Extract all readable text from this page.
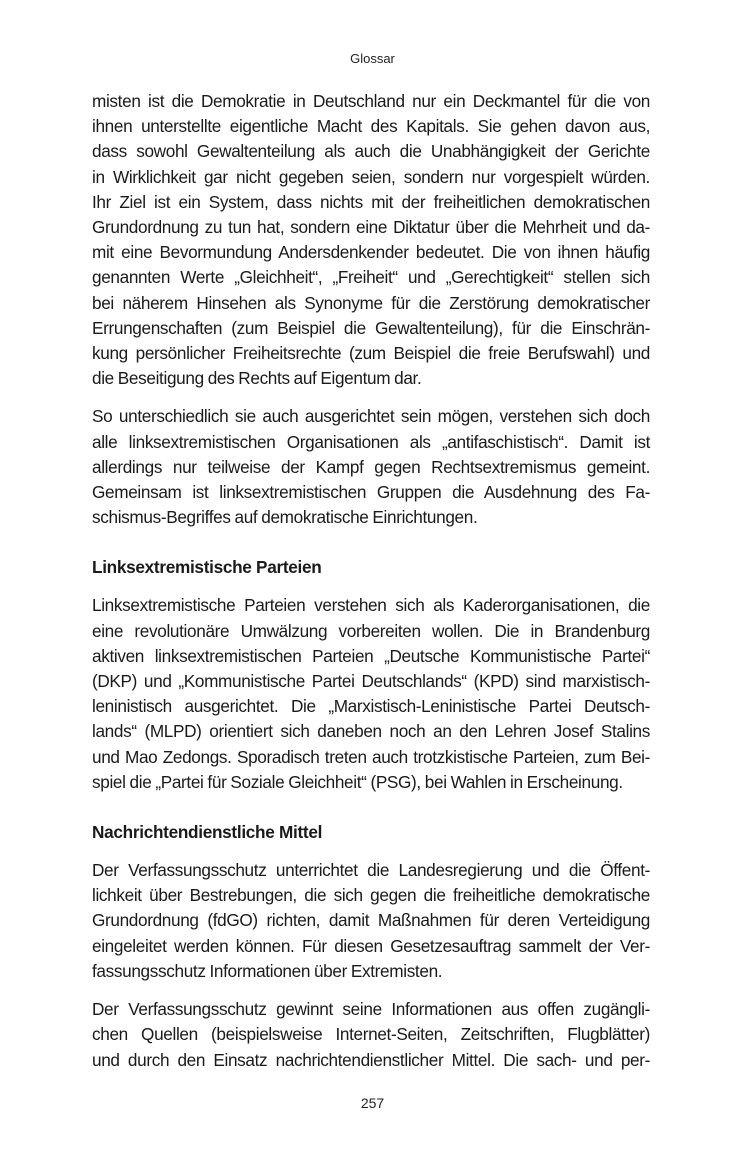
Glossar
misten ist die Demokratie in Deutschland nur ein Deckmantel für die von
ihnen unterstellte eigentliche Macht des Kapitals. Sie gehen davon aus,
dass sowohl Gewaltenteilung als auch die Unabhängigkeit der Gerichte
in Wirklichkeit gar nicht gegeben seien, sondern nur vorgespielt würden.
Ihr Ziel ist ein System, dass nichts mit der freiheitlichen demokratischen
Grundordnung zu tun hat, sondern eine Diktatur über die Mehrheit und da-
mit eine Bevormundung Andersdenkender bedeutet. Die von ihnen häufig
genannten Werte „Gleichheit“, „Freiheit“ und „Gerechtigkeit“ stellen sich
bei näherem Hinsehen als Synonyme für die Zerstörung demokratischer
Errungenschaften (zum Beispiel die Gewaltenteilung), für die Einschrän-
kung persönlicher Freiheitsrechte (zum Beispiel die freie Berufswahl) und
die Beseitigung des Rechts auf Eigentum dar.
So unterschiedlich sie auch ausgerichtet sein mögen, verstehen sich doch
alle linksextremistischen Organisationen als „antifaschistisch“. Damit ist
allerdings nur teilweise der Kampf gegen Rechtsextremismus gemeint.
Gemeinsam ist linksextremistischen Gruppen die Ausdehnung des Fa-
schismus-Begriffes auf demokratische Einrichtungen.
Linksextremistische Parteien
Linksextremistische Parteien verstehen sich als Kaderorganisationen, die
eine revolutionäre Umwälzung vorbereiten wollen. Die in Brandenburg
aktiven linksextremistischen Parteien „Deutsche Kommunistische Partei“
(DKP) und „Kommunistische Partei Deutschlands“ (KPD) sind marxistisch-
leninistisch ausgerichtet. Die „Marxistisch-Leninistische Partei Deutsch-
lands“ (MLPD) orientiert sich daneben noch an den Lehren Josef Stalins
und Mao Zedongs. Sporadisch treten auch trotzkistische Parteien, zum Bei-
spiel die „Partei für Soziale Gleichheit“ (PSG), bei Wahlen in Erscheinung.
Nachrichtendienstliche Mittel
Der Verfassungsschutz unterrichtet die Landesregierung und die Öffent-
lichkeit über Bestrebungen, die sich gegen die freiheitliche demokratische
Grundordnung (fdGO) richten, damit Maßnahmen für deren Verteidigung
eingeleitet werden können. Für diesen Gesetzesauftrag sammelt der Ver-
fassungsschutz Informationen über Extremisten.
Der Verfassungsschutz gewinnt seine Informationen aus offen zugängli-
chen Quellen (beispielsweise Internet-Seiten, Zeitschriften, Flugblätter)
und durch den Einsatz nachrichtendienstlicher Mittel. Die sach- und per-
257
